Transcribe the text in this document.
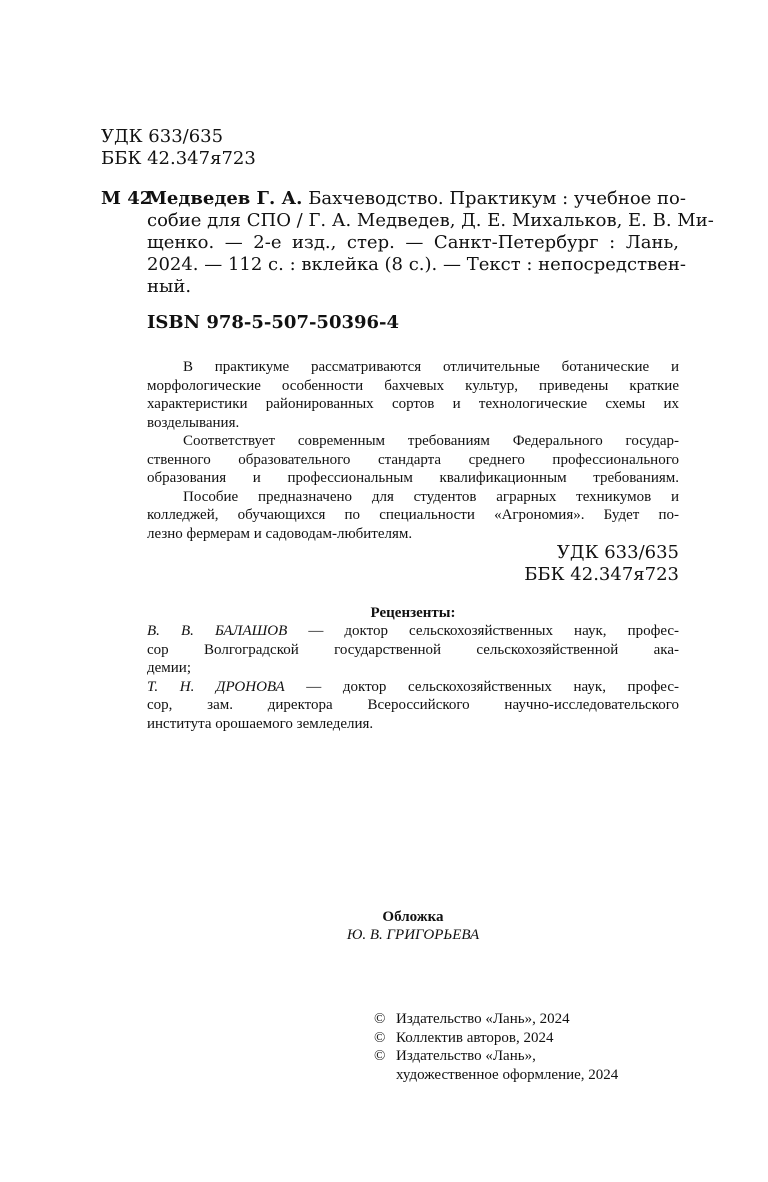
УДК 633/635
ББК 42.347я723
М 42
Медведев Г. А. Бахчеводство. Практикум : учебное по-
собие для СПО / Г. А. Медведев, Д. Е. Михальков, Е. В. Ми-
щенко. — 2-е изд., стер. — Санкт-Петербург : Лань,
2024. — 112 с. : вклейка (8 с.). — Текст : непосредствен-
ный.
ISBN 978-5-507-50396-4
В практикуме рассматриваются отличительные ботанические и
морфологические особенности бахчевых культур, приведены краткие
характеристики районированных сортов и технологические схемы их
возделывания.
Соответствует современным требованиям Федерального государ-
ственного образовательного стандарта среднего профессионального
образования и профессиональным квалификационным требованиям.
Пособие предназначено для студентов аграрных техникумов и
колледжей, обучающихся по специальности «Агрономия». Будет по-
лезно фермерам и садоводам-любителям.
УДК 633/635
ББК 42.347я723
Рецензенты:
В. В. БАЛАШОВ — доктор сельскохозяйственных наук, профес-
сор Волгоградской государственной сельскохозяйственной ака-
демии;
Т. Н. ДРОНОВА — доктор сельскохозяйственных наук, профес-
сор, зам. директора Всероссийского научно-исследовательского
института орошаемого земледелия.
Обложка
Ю. В. ГРИГОРЬЕВА
© Издательство «Лань», 2024
© Коллектив авторов, 2024
© Издательство «Лань»,
художественное оформление, 2024
